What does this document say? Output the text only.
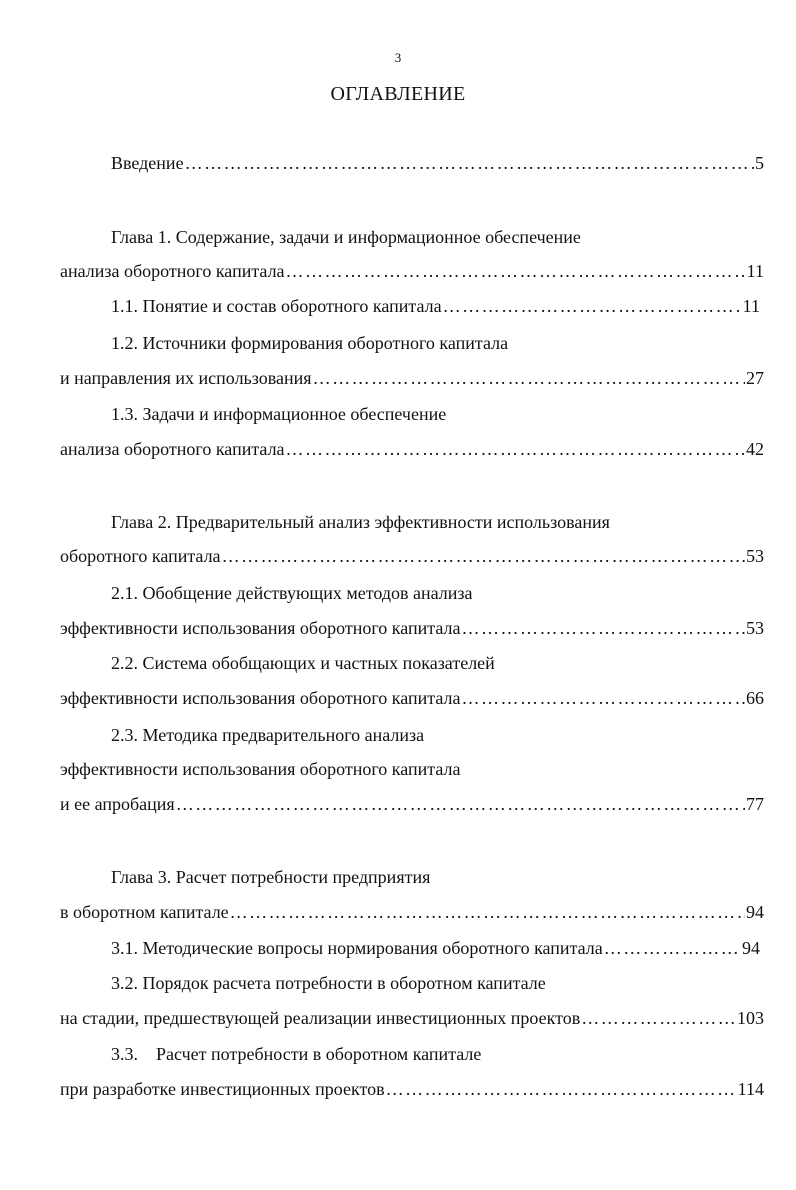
3
ОГЛАВЛЕНИЕ
Введение ……………………………………………………………………………………………………………………………………………………………………	5
Глава 1. Содержание, задачи и информационное обеспечение
анализа оборотного капитала ……………………………………………………………………………………………………………………………………………………………………	11
1.1. Понятие и состав оборотного капитала ……………………………………………………………………………………………………………………………………………………………………	11
1.2. Источники формирования оборотного капитала
и направления их использования ……………………………………………………………………………………………………………………………………………………………………	27
1.3. Задачи и информационное обеспечение
анализа оборотного капитала ……………………………………………………………………………………………………………………………………………………………………	42
Глава 2. Предварительный анализ эффективности использования
оборотного капитала ……………………………………………………………………………………………………………………………………………………………………	53
2.1. Обобщение действующих методов анализа
эффективности использования оборотного капитала ……………………………………………………………………………………………………………………………………………………………………	53
2.2. Система обобщающих и частных показателей
эффективности использования оборотного капитала ……………………………………………………………………………………………………………………………………………………………………	66
2.3. Методика предварительного анализа
эффективности использования оборотного капитала
и ее апробация ……………………………………………………………………………………………………………………………………………………………………	77
Глава 3. Расчет потребности предприятия
в оборотном капитале ……………………………………………………………………………………………………………………………………………………………………	94
3.1. Методические вопросы нормирования оборотного капитала ……………………………………………………………………………………………………………………………………………………………………	94
3.2. Порядок расчета потребности в оборотном капитале
на стадии, предшествующей реализации инвестиционных проектов ……………………………………………………………………………………………………………………………………………………………………	103
3.3.    Расчет потребности в оборотном капитале
при разработке инвестиционных проектов ……………………………………………………………………………………………………………………………………………………………………	114
